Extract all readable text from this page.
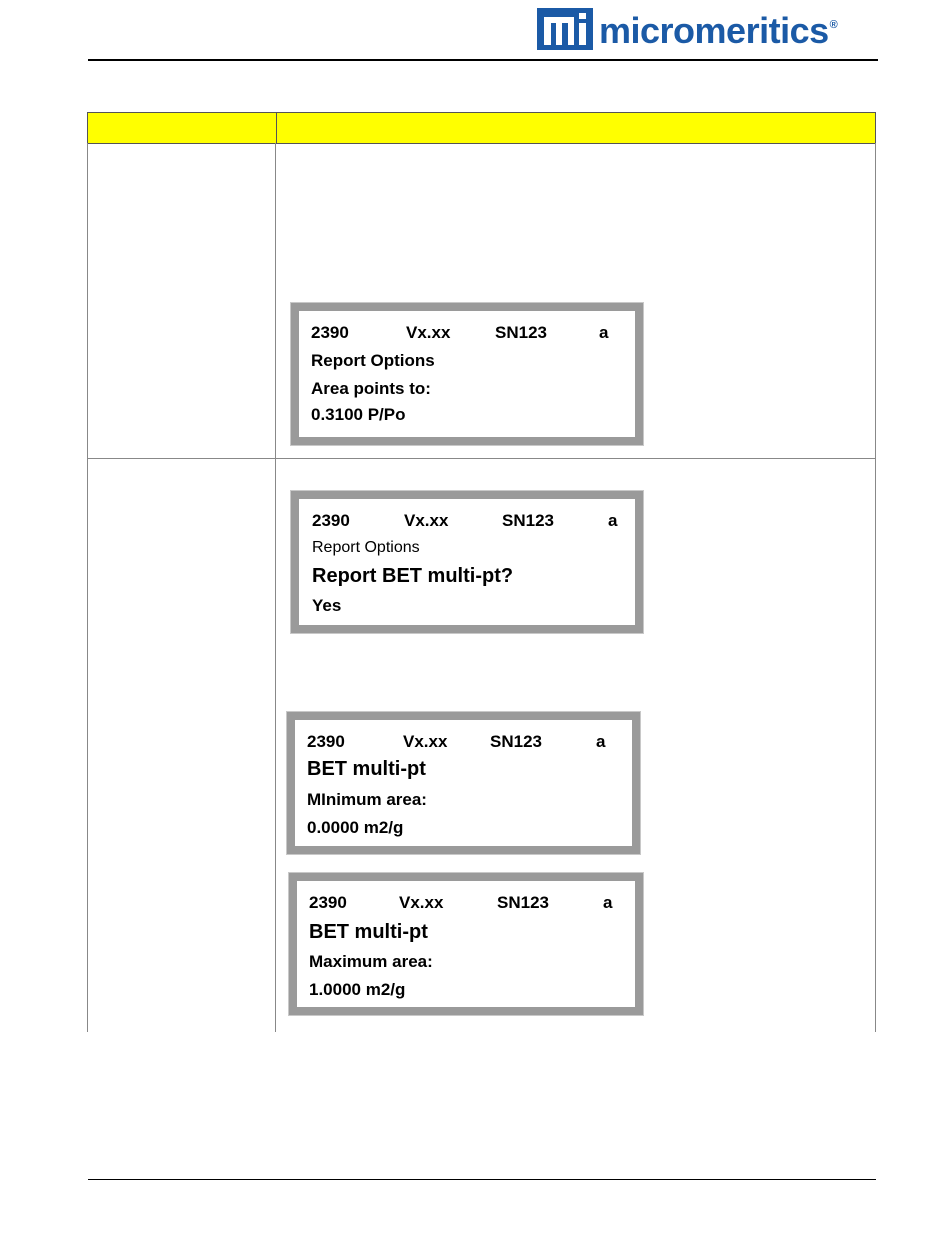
micromeritics®
2390	Vx.xx	SN123	a
Report Options
Area points to:
0.3100 P/Po
2390	Vx.xx	SN123	a
Report Options
Report BET multi-pt?
Yes
2390	Vx.xx	SN123	a
BET multi-pt
MInimum area:
0.0000 m2/g
2390	Vx.xx	SN123	a
BET multi-pt
Maximum area:
1.0000 m2/g
